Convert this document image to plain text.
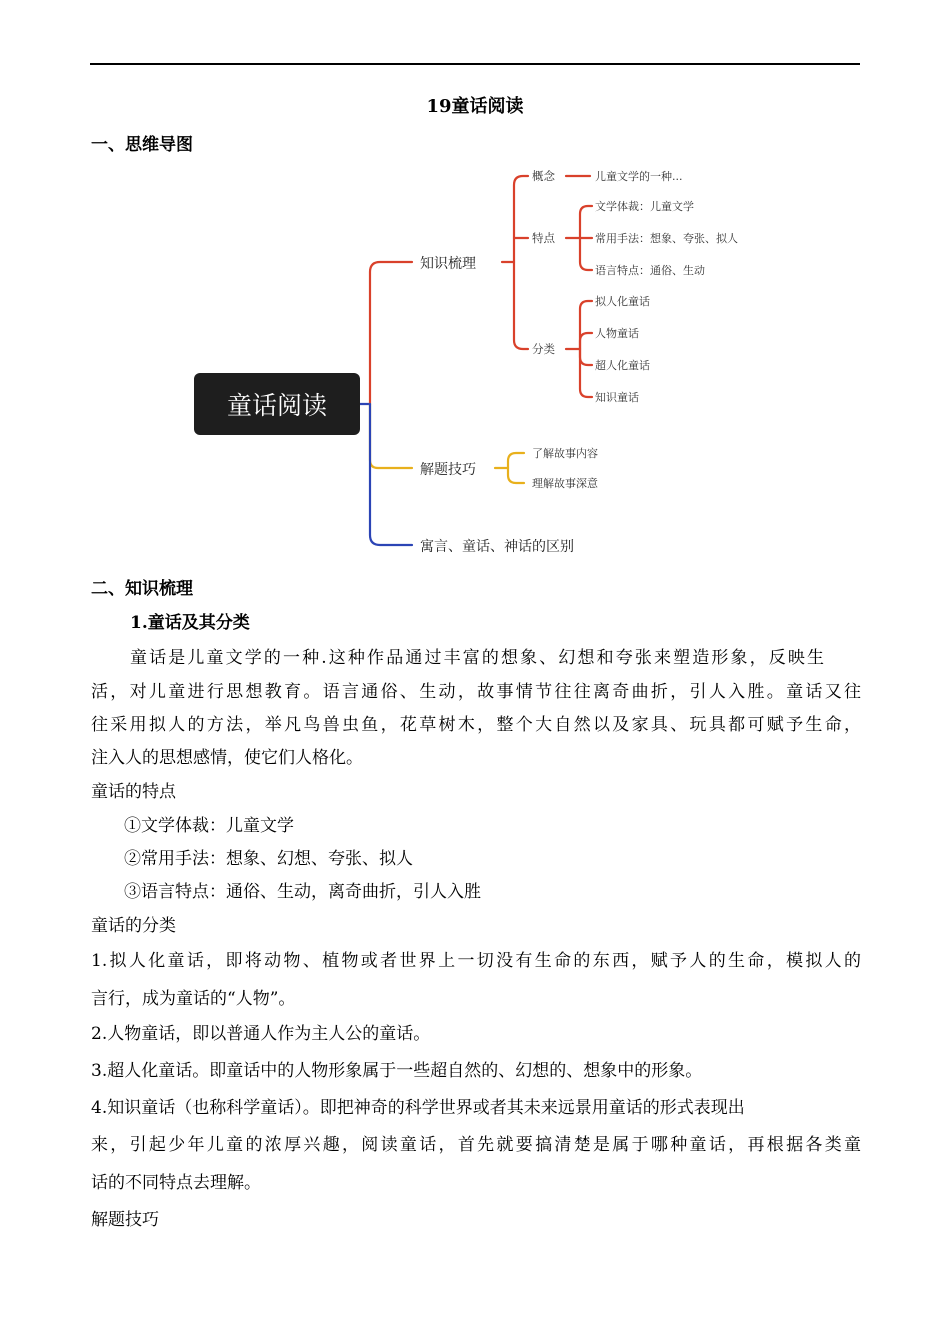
19童话阅读
一、思维导图
童话阅读
知识梳理
解题技巧
寓言、童话、神话的区别
概念
特点
分类
儿童文学的一种...
文学体裁：儿童文学
常用手法：想象、夸张、拟人
语言特点：通俗、生动
拟人化童话
人物童话
超人化童话
知识童话
了解故事内容
理解故事深意
二、知识梳理
1.童话及其分类
童话是儿童文学的一种.这种作品通过丰富的想象、幻想和夸张来塑造形象，反映生
活，对儿童进行思想教育。语言通俗、生动，故事情节往往离奇曲折，引人入胜。童话又往
往采用拟人的方法，举凡鸟兽虫鱼，花草树木，整个大自然以及家具、玩具都可赋予生命，
注入人的思想感情，使它们人格化。
童话的特点
①文学体裁：儿童文学
②常用手法：想象、幻想、夸张、拟人
③语言特点：通俗、生动，离奇曲折，引人入胜
童话的分类
1.拟人化童话，即将动物、植物或者世界上一切没有生命的东西，赋予人的生命，模拟人的
言行，成为童话的“人物”。
2.人物童话，即以普通人作为主人公的童话。
3.超人化童话。即童话中的人物形象属于一些超自然的、幻想的、想象中的形象。
4.知识童话（也称科学童话）。即把神奇的科学世界或者其未来远景用童话的形式表现出
来，引起少年儿童的浓厚兴趣，阅读童话，首先就要搞清楚是属于哪种童话，再根据各类童
话的不同特点去理解。
解题技巧
